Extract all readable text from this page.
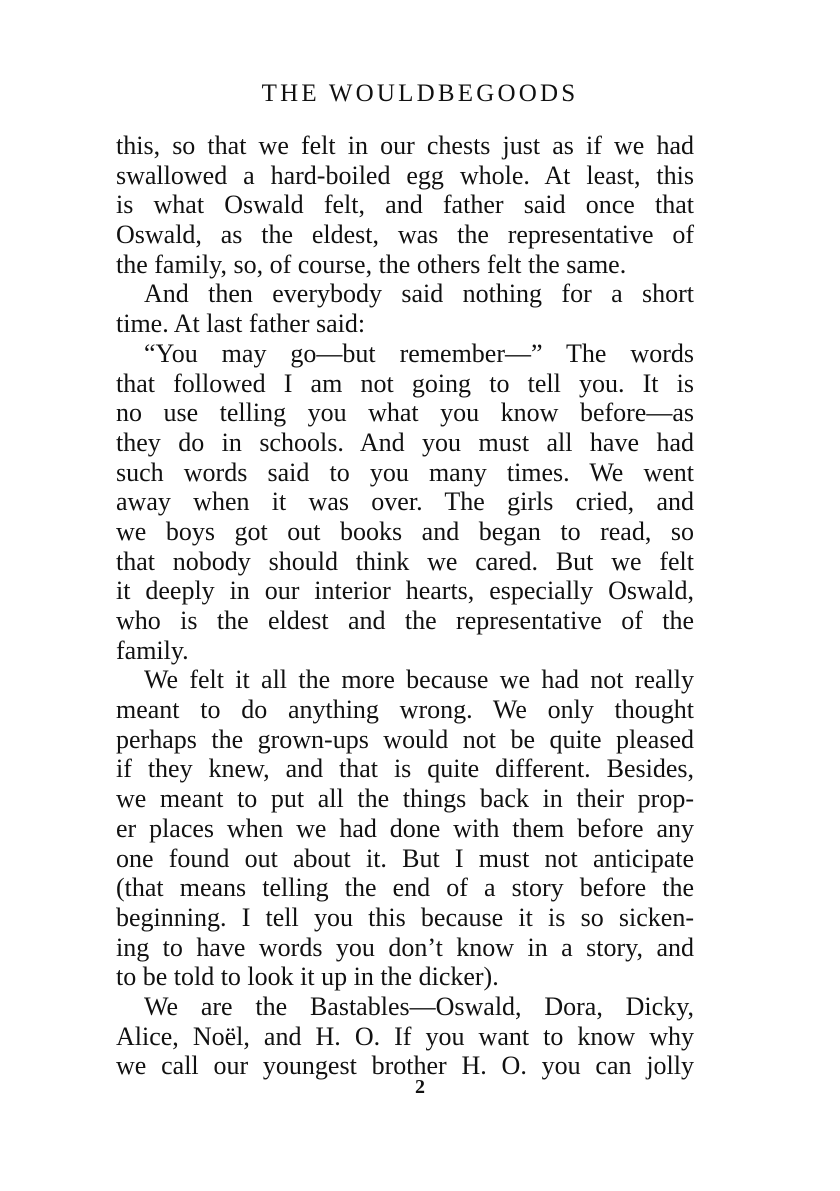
THE WOULDBEGOODS
this, so that we felt in our chests just as if we had
swallowed a hard-boiled egg whole. At least, this
is what Oswald felt, and father said once that
Oswald, as the eldest, was the representative of
the family, so, of course, the others felt the same.
And then everybody said nothing for a short
time. At last father said:
“You may go—but remember—” The words
that followed I am not going to tell you. It is
no use telling you what you know before—as
they do in schools. And you must all have had
such words said to you many times. We went
away when it was over. The girls cried, and
we boys got out books and began to read, so
that nobody should think we cared. But we felt
it deeply in our interior hearts, especially Oswald,
who is the eldest and the representative of the
family.
We felt it all the more because we had not really
meant to do anything wrong. We only thought
perhaps the grown-ups would not be quite pleased
if they knew, and that is quite different. Besides,
we meant to put all the things back in their prop-
er places when we had done with them before any
one found out about it. But I must not anticipate
(that means telling the end of a story before the
beginning. I tell you this because it is so sicken-
ing to have words you don’t know in a story, and
to be told to look it up in the dicker).
We are the Bastables—Oswald, Dora, Dicky,
Alice, Noël, and H. O. If you want to know why
we call our youngest brother H. O. you can jolly
2
